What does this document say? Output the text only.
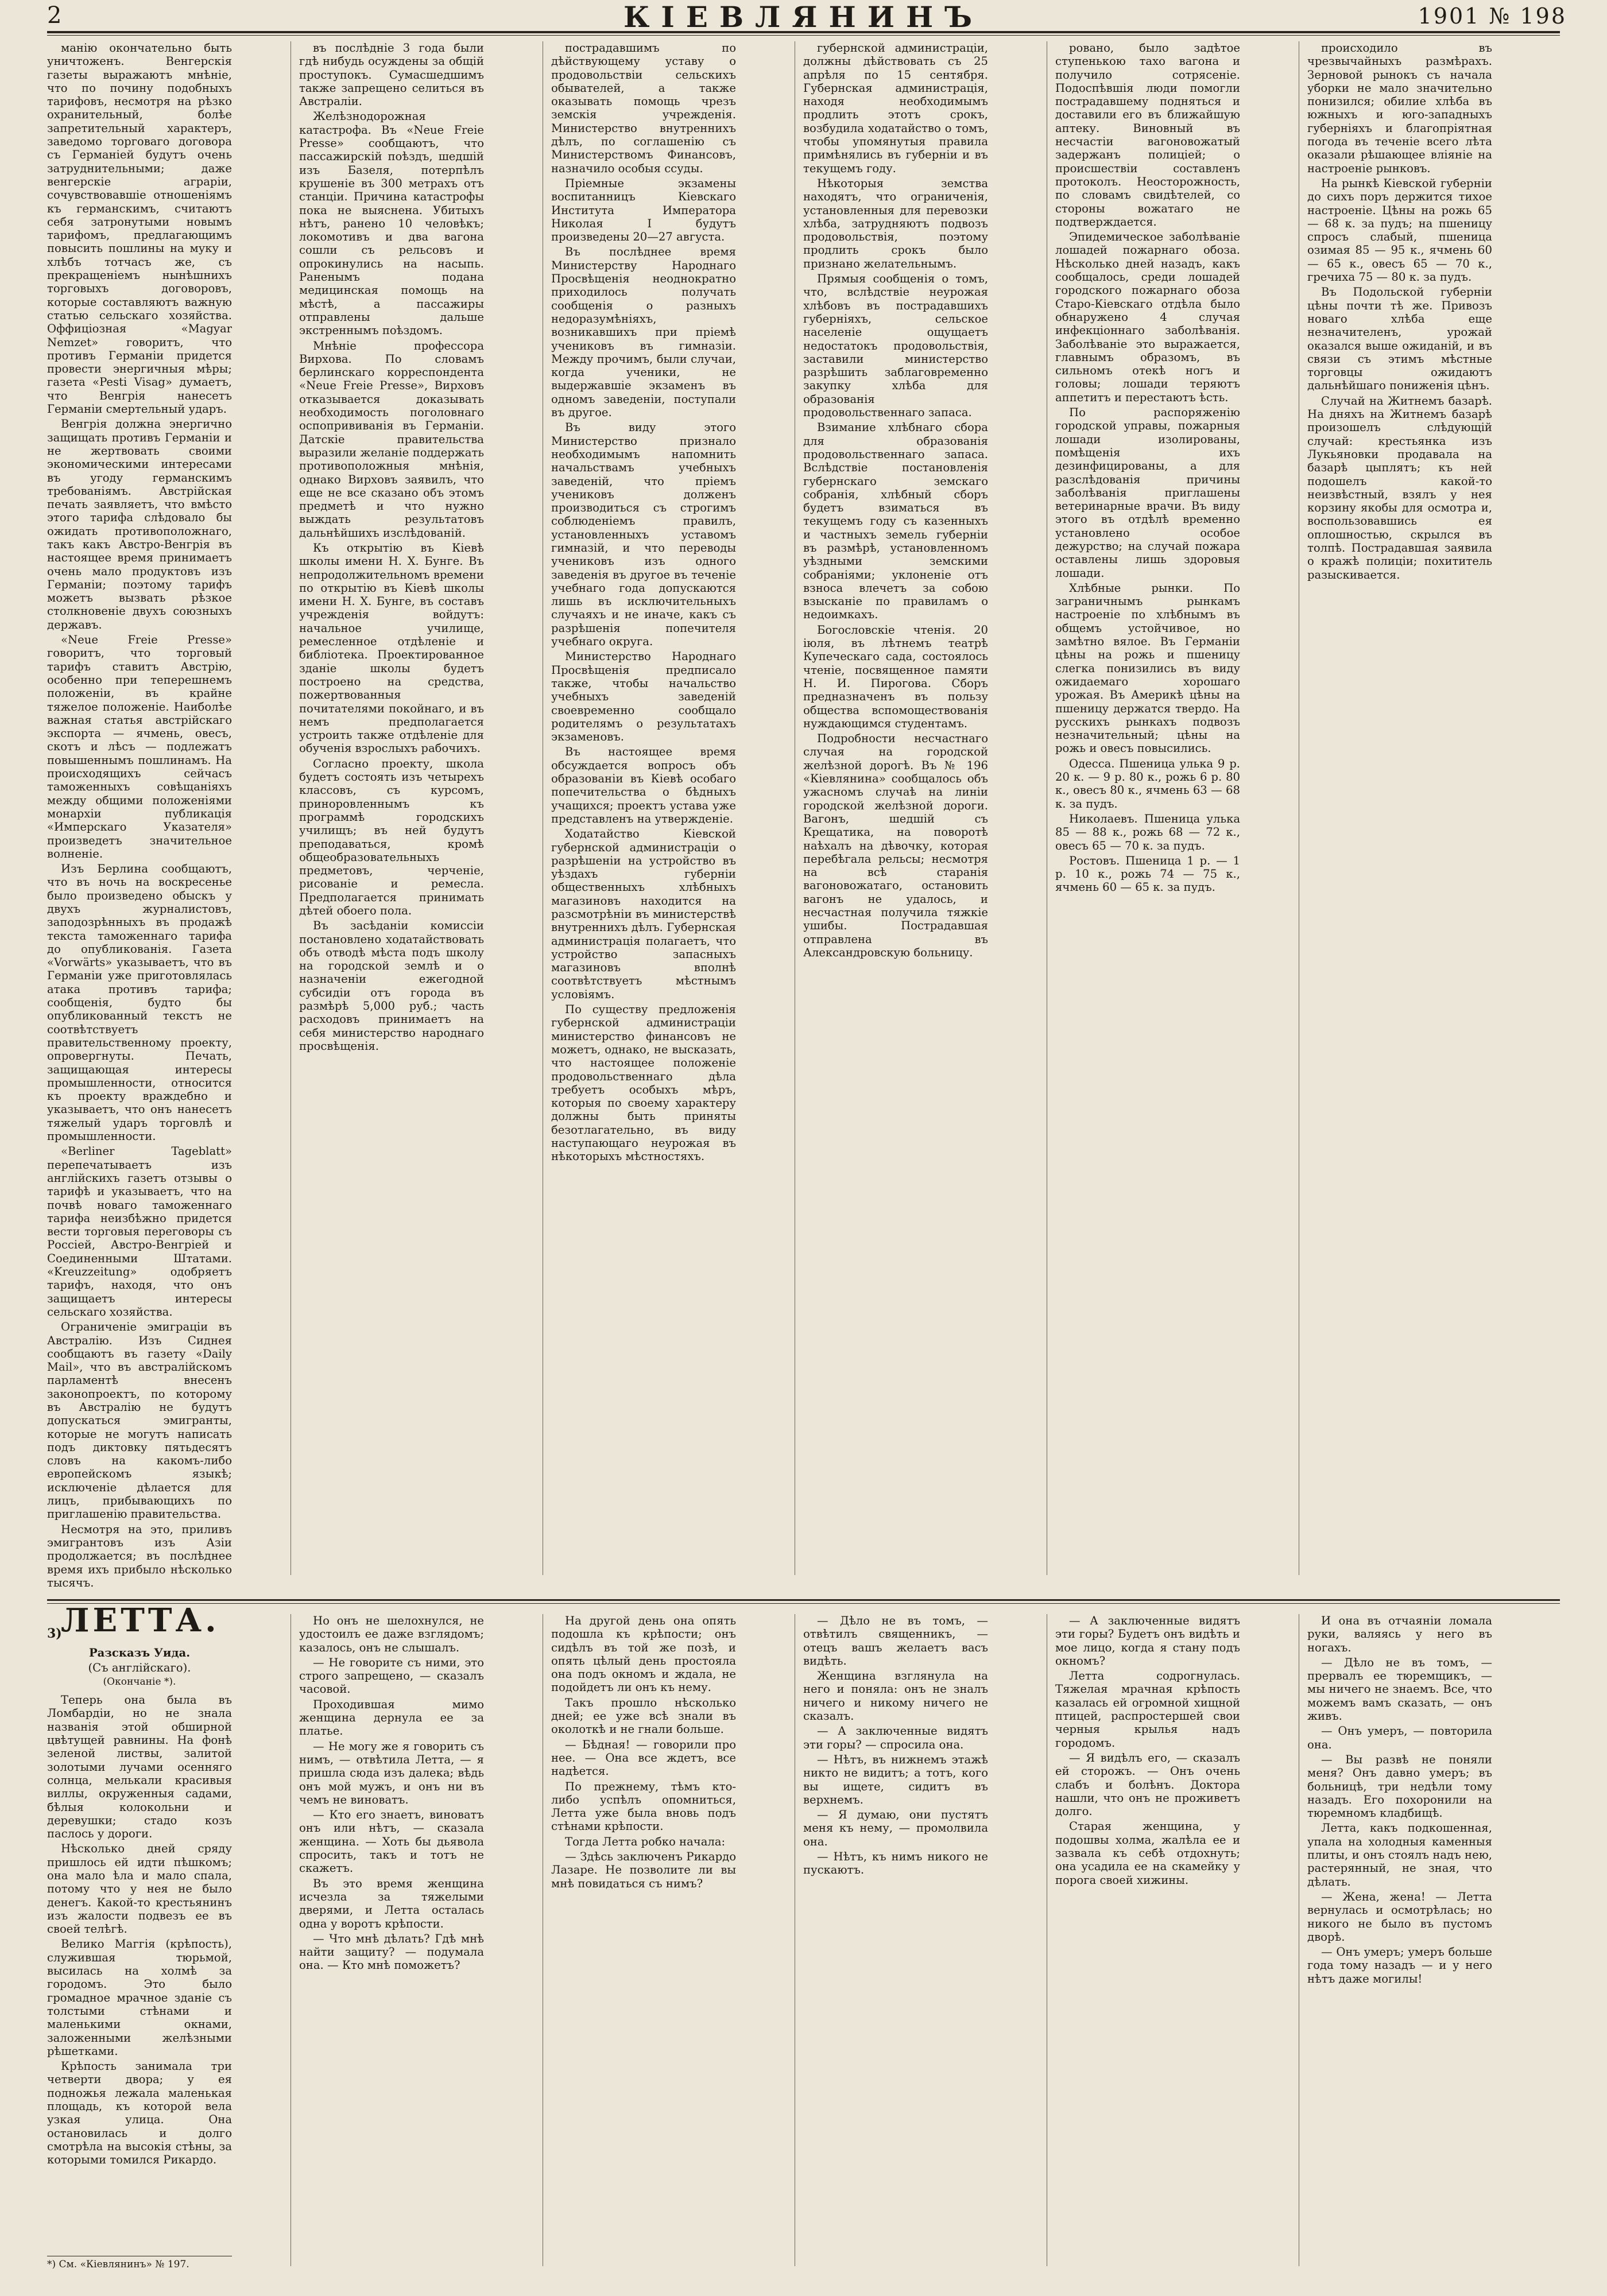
2	КІЕВЛЯНИНЪ	1901 № 198

манію окончательно быть уничтоженъ. Венгерскія газеты выражаютъ мнѣніе, что по почину подобныхъ тарифовъ, несмотря на рѣзко охранительный, болѣе запретительный характеръ, заведомо торговаго договора съ Германіей будутъ очень затруднительными; даже венгерскіе аграріи, сочувствовавшіе отношеніямъ къ германскимъ, считаютъ себя затронутыми новымъ тарифомъ, предлагающимъ повысить пошлины на муку и хлѣбъ тотчасъ же, съ прекращеніемъ нынѣшнихъ торговыхъ договоровъ, которые составляютъ важную статью сельскаго хозяйства. Оффиціозная «Magyar Nemzet» говоритъ, что противъ Германіи придется провести энергичныя мѣры; газета «Pesti Visag» думаетъ, что Венгрія нанесетъ Германіи смертельный ударъ.

Венгрія должна энергично защищать противъ Германіи и не жертвовать своими экономическими интересами въ угоду германскимъ требованіямъ. Австрійская печать заявляетъ, что вмѣсто этого тарифа слѣдовало бы ожидать противоположнаго, такъ какъ Австро-Венгрія въ настоящее время принимаетъ очень мало продуктовъ изъ Германіи; поэтому тарифъ можетъ вызвать рѣзкое столкновеніе двухъ союзныхъ державъ.

«Neue Freie Presse» говоритъ, что торговый тарифъ ставитъ Австрію, особенно при теперешнемъ положеніи, въ крайне тяжелое положеніе. Наиболѣе важная статья австрійскаго экспорта — ячмень, овесъ, скотъ и лѣсъ — подлежатъ повышеннымъ пошлинамъ. На происходящихъ сейчасъ таможенныхъ совѣщаніяхъ между общими положеніями монархіи публикація «Имперскаго Указателя» произведетъ значительное волненіе.

Изъ Берлина сообщаютъ, что въ ночь на воскресенье было произведено обыскъ у двухъ журналистовъ, заподозрѣнныхъ въ продажѣ текста таможеннаго тарифа до опубликованія. Газета «Vorwärts» указываетъ, что въ Германіи уже приготовлялась атака противъ тарифа; сообщенія, будто бы опубликованный текстъ не соотвѣтствуетъ правительственному проекту, опровергнуты. Печать, защищающая интересы промышленности, относится къ проекту враждебно и указываетъ, что онъ нанесетъ тяжелый ударъ торговлѣ и промышленности.

«Berliner Tageblatt» перепечатываетъ изъ англійскихъ газетъ отзывы о тарифѣ и указываетъ, что на почвѣ новаго таможеннаго тарифа неизбѣжно придется вести торговыя переговоры съ Россіей, Австро-Венгріей и Соединенными Штатами. «Kreuzzeitung» одобряетъ тарифъ, находя, что онъ защищаетъ интересы сельскаго хозяйства.

Ограниченіе эмиграціи въ Австралію. Изъ Сиднея сообщаютъ въ газету «Daily Mail», что въ австралійскомъ парламентѣ внесенъ законопроектъ, по которому въ Австралію не будутъ допускаться эмигранты, которые не могутъ написать подъ диктовку пятьдесятъ словъ на какомъ-либо европейскомъ языкѣ; исключеніе дѣлается для лицъ, прибывающихъ по приглашенію правительства.

Несмотря на это, приливъ эмигрантовъ изъ Азіи продолжается; въ послѣднее время ихъ прибыло нѣсколько тысячъ.

въ послѣдніе 3 года были гдѣ нибудь осуждены за общій проступокъ. Сумасшедшимъ также запрещено селиться въ Австраліи.

Желѣзнодорожная катастрофа. Въ «Neue Freie Presse» сообщаютъ, что пассажирскій поѣздъ, шедшій изъ Базеля, потерпѣлъ крушеніе въ 300 метрахъ отъ станціи. Причина катастрофы пока не выяснена. Убитыхъ нѣтъ, ранено 10 человѣкъ; локомотивъ и два вагона сошли съ рельсовъ и опрокинулись на насыпь. Раненымъ подана медицинская помощь на мѣстѣ, а пассажиры отправлены дальше экстреннымъ поѣздомъ.

Мнѣніе профессора Вирхова. По словамъ берлинскаго корреспондента «Neue Freie Presse», Вирховъ отказывается доказывать необходимость поголовнаго оспопрививанія въ Германіи. Датскіе правительства выразили желаніе поддержать противоположныя мнѣнія, однако Вирховъ заявилъ, что еще не все сказано объ этомъ предметѣ и что нужно выждать результатовъ дальнѣйшихъ изслѣдованій.

Къ открытію въ Кіевѣ школы имени Н. Х. Бунге. Въ непродолжительномъ времени по открытію въ Кіевѣ школы имени Н. Х. Бунге, въ составъ учрежденія войдутъ: начальное училище, ремесленное отдѣленіе и библіотека. Проектированное зданіе школы будетъ построено на средства, пожертвованныя почитателями покойнаго, и въ немъ предполагается устроить также отдѣленіе для обученія взрослыхъ рабочихъ.

Согласно проекту, школа будетъ состоять изъ четырехъ классовъ, съ курсомъ, приноровленнымъ къ программѣ городскихъ училищъ; въ ней будутъ преподаваться, кромѣ общеобразовательныхъ предметовъ, черченіе, рисованіе и ремесла. Предполагается принимать дѣтей обоего пола.

Въ засѣданіи комиссіи постановлено ходатайствовать объ отводѣ мѣста подъ школу на городской землѣ и о назначеніи ежегодной субсидіи отъ города въ размѣрѣ 5,000 руб.; часть расходовъ принимаетъ на себя министерство народнаго просвѣщенія.

пострадавшимъ по дѣйствующему уставу о продовольствіи сельскихъ обывателей, а также оказывать помощь чрезъ земскія учрежденія. Министерство внутреннихъ дѣлъ, по соглашенію съ Министерствомъ Финансовъ, назначило особыя ссуды.

Пріемные экзамены воспитанницъ Кіевскаго Института Императора Николая I будутъ произведены 20—27 августа.

Въ послѣднее время Министерству Народнаго Просвѣщенія неоднократно приходилось получать сообщенія о разныхъ недоразумѣніяхъ, возникавшихъ при пріемѣ учениковъ въ гимназіи. Между прочимъ, были случаи, когда ученики, не выдержавшіе экзаменъ въ одномъ заведеніи, поступали въ другое.

Въ виду этого Министерство признало необходимымъ напомнить начальствамъ учебныхъ заведеній, что пріемъ учениковъ долженъ производиться съ строгимъ соблюденіемъ правилъ, установленныхъ уставомъ гимназій, и что переводы учениковъ изъ одного заведенія въ другое въ теченіе учебнаго года допускаются лишь въ исключительныхъ случаяхъ и не иначе, какъ съ разрѣшенія попечителя учебнаго округа.

Министерство Народнаго Просвѣщенія предписало также, чтобы начальство учебныхъ заведеній своевременно сообщало родителямъ о результатахъ экзаменовъ.

Въ настоящее время обсуждается вопросъ объ образованіи въ Кіевѣ особаго попечительства о бѣдныхъ учащихся; проектъ устава уже представленъ на утвержденіе.

Ходатайство Кіевской губернской администраціи о разрѣшеніи на устройство въ уѣздахъ губерніи общественныхъ хлѣбныхъ магазиновъ находится на разсмотрѣніи въ министерствѣ внутреннихъ дѣлъ. Губернская администрація полагаетъ, что устройство запасныхъ магазиновъ вполнѣ соотвѣтствуетъ мѣстнымъ условіямъ.

По существу предложенія губернской администраціи министерство финансовъ не можетъ, однако, не высказать, что настоящее положеніе продовольственнаго дѣла требуетъ особыхъ мѣръ, которыя по своему характеру должны быть приняты безотлагательно, въ виду наступающаго неурожая въ нѣкоторыхъ мѣстностяхъ.

губернской администраціи, должны дѣйствовать съ 25 апрѣля по 15 сентября. Губернская администрація, находя необходимымъ продлить этотъ срокъ, возбудила ходатайство о томъ, чтобы упомянутыя правила примѣнялись въ губерніи и въ текущемъ году.

Нѣкоторыя земства находятъ, что ограниченія, установленныя для перевозки хлѣба, затрудняютъ подвозъ продовольствія, поэтому продлить срокъ было признано желательнымъ.

Прямыя сообщенія о томъ, что, вслѣдствіе неурожая хлѣбовъ въ пострадавшихъ губерніяхъ, сельское населеніе ощущаетъ недостатокъ продовольствія, заставили министерство разрѣшить заблаговременно закупку хлѣба для образованія продовольственнаго запаса.

Взимание хлѣбнаго сбора для образованія продовольственнаго запаса. Вслѣдствіе постановленія губернскаго земскаго собранія, хлѣбный сборъ будетъ взиматься въ текущемъ году съ казенныхъ и частныхъ земель губерніи въ размѣрѣ, установленномъ уѣздными земскими собраніями; уклоненіе отъ взноса влечетъ за собою взысканіе по правиламъ о недоимкахъ.

Богословскіе чтенія. 20 іюля, въ лѣтнемъ театрѣ Купеческаго сада, состоялось чтеніе, посвященное памяти Н. И. Пирогова. Сборъ предназначенъ въ пользу общества вспомоществованія нуждающимся студентамъ.

Подробности несчастнаго случая на городской желѣзной дорогѣ. Въ № 196 «Кіевлянина» сообщалось объ ужасномъ случаѣ на линіи городской желѣзной дороги. Вагонъ, шедшій съ Крещатика, на поворотѣ наѣхалъ на дѣвочку, которая перебѣгала рельсы; несмотря на всѣ старанія вагоновожатаго, остановить вагонъ не удалось, и несчастная получила тяжкіе ушибы. Пострадавшая отправлена въ Александровскую больницу.

ровано, было задѣтое ступенькою тахо вагона и получило сотрясеніе. Подоспѣвшія люди помогли пострадавшему подняться и доставили его въ ближайшую аптеку. Виновный въ несчастіи вагоновожатый задержанъ полиціей; о происшествіи составленъ протоколъ. Неосторожность, по словамъ свидѣтелей, со стороны вожатаго не подтверждается.

Эпидемическое заболѣваніе лошадей пожарнаго обоза. Нѣсколько дней назадъ, какъ сообщалось, среди лошадей городского пожарнаго обоза Старо-Кіевскаго отдѣла было обнаружено 4 случая инфекціоннаго заболѣванія. Заболѣваніе это выражается, главнымъ образомъ, въ сильномъ отекѣ ногъ и головы; лошади теряютъ аппетитъ и перестаютъ ѣсть.

По распоряженію городской управы, пожарныя лошади изолированы, помѣщенія ихъ дезинфицированы, а для разслѣдованія причины заболѣванія приглашены ветеринарные врачи. Въ виду этого въ отдѣлѣ временно установлено особое дежурство; на случай пожара оставлены лишь здоровыя лошади.

Хлѣбные рынки. По заграничнымъ рынкамъ настроеніе по хлѣбнымъ въ общемъ устойчивое, но замѣтно вялое. Въ Германіи цѣны на рожь и пшеницу слегка понизились въ виду ожидаемаго хорошаго урожая. Въ Америкѣ цѣны на пшеницу держатся твердо. На русскихъ рынкахъ подвозъ незначительный; цѣны на рожь и овесъ повысились.

Одесса. Пшеница улька 9 р. 20 к. — 9 р. 80 к., рожь 6 р. 80 к., овесъ 80 к., ячмень 63 — 68 к. за пудъ.

Николаевъ. Пшеница улька 85 — 88 к., рожь 68 — 72 к., овесъ 65 — 70 к. за пудъ.

Ростовъ. Пшеница 1 р. — 1 р. 10 к., рожь 74 — 75 к., ячмень 60 — 65 к. за пудъ.

происходило въ чрезвычайныхъ размѣрахъ. Зерновой рынокъ съ начала уборки не мало значительно понизился; обилие хлѣба въ южныхъ и юго-западныхъ губерніяхъ и благопріятная погода въ теченіе всего лѣта оказали рѣшающее вліяніе на настроеніе рынковъ.

На рынкѣ Кіевской губерніи до сихъ поръ держится тихое настроеніе. Цѣны на рожь 65 — 68 к. за пудъ; на пшеницу спросъ слабый, пшеница озимая 85 — 95 к., ячмень 60 — 65 к., овесъ 65 — 70 к., гречиха 75 — 80 к. за пудъ.

Въ Подольской губерніи цѣны почти тѣ же. Привозъ новаго хлѣба еще незначителенъ, урожай оказался выше ожиданій, и въ связи съ этимъ мѣстные торговцы ожидаютъ дальнѣйшаго пониженія цѣнъ.

Случай на Житнемъ базарѣ. На дняхъ на Житнемъ базарѣ произошелъ слѣдующій случай: крестьянка изъ Лукьяновки продавала на базарѣ цыплятъ; къ ней подошелъ какой-то неизвѣстный, взялъ у нея корзину якобы для осмотра и, воспользовавшись ея оплошностью, скрылся въ толпѣ. Пострадавшая заявила о кражѣ полиціи; похититель разыскивается.

ЛЕТТА. $^{3)}$

Разсказъ Уида.

(Съ англійскаго).

(Окончаніе *).

Теперь она была въ Ломбардіи, но не знала названія этой обширной цвѣтущей равнины. На фонѣ зеленой листвы, залитой золотыми лучами осенняго солнца, мелькали красивыя виллы, окруженныя садами, бѣлыя колокольни и деревушки; стадо козъ паслось у дороги.

Нѣсколько дней сряду пришлось ей идти пѣшкомъ; она мало ѣла и мало спала, потому что у нея не было денегъ. Какой-то крестьянинъ изъ жалости подвезъ ее въ своей телѣгѣ.

Велико Маггія (крѣпость), служившая тюрьмой, высилась на холмѣ за городомъ. Это было громадное мрачное зданіе съ толстыми стѣнами и маленькими окнами, заложенными желѣзными рѣшетками.

Крѣпость занимала три четверти двора; у ея подножья лежала маленькая площадь, къ которой вела узкая улица. Она остановилась и долго смотрѣла на высокія стѣны, за которыми томился Рикардо.

Но онъ не шелохнулся, не удостоилъ ее даже взглядомъ; казалось, онъ не слышалъ.

— Не говорите съ ними, это строго запрещено, — сказалъ часовой.

Проходившая мимо женщина дернула ее за платье.

— Не могу же я говорить съ нимъ, — отвѣтила Летта, — я пришла сюда изъ далека; вѣдь онъ мой мужъ, и онъ ни въ чемъ не виноватъ.

— Кто его знаетъ, виноватъ онъ или нѣтъ, — сказала женщина. — Хоть бы дьявола спросить, такъ и тотъ не скажетъ.

Въ это время женщина исчезла за тяжелыми дверями, и Летта осталась одна у воротъ крѣпости.

— Что мнѣ дѣлать? Гдѣ мнѣ найти защиту? — подумала она. — Кто мнѣ поможетъ?

На другой день она опять подошла къ крѣпости; онъ сидѣлъ въ той же позѣ, и опять цѣлый день простояла она подъ окномъ и ждала, не подойдетъ ли онъ къ нему.

Такъ прошло нѣсколько дней; ее уже всѣ знали въ околоткѣ и не гнали больше.

— Бѣдная! — говорили про нее. — Она все ждетъ, все надѣется.

По прежнему, тѣмъ кто-либо успѣлъ опомниться, Летта уже была вновь подъ стѣнами крѣпости.

Тогда Летта робко начала:

— Здѣсь заключенъ Рикардо Лазаре. Не позволите ли вы мнѣ повидаться съ нимъ?

— Дѣло не въ томъ, — отвѣтилъ священникъ, — отецъ вашъ желаетъ васъ видѣть.

Женщина взглянула на него и поняла: онъ не зналъ ничего и никому ничего не сказалъ.

— А заключенные видятъ эти горы? — спросила она.

— Нѣтъ, въ нижнемъ этажѣ никто не видитъ; а тотъ, кого вы ищете, сидитъ въ верхнемъ.

— Я думаю, они пустятъ меня къ нему, — промолвила она.

— Нѣтъ, къ нимъ никого не пускаютъ.

— А заключенные видятъ эти горы? Будетъ онъ видѣть и мое лицо, когда я стану подъ окномъ?

Летта содрогнулась. Тяжелая мрачная крѣпость казалась ей огромной хищной птицей, распростершей свои черныя крылья надъ городомъ.

— Я видѣлъ его, — сказалъ ей сторожъ. — Онъ очень слабъ и болѣнъ. Доктора нашли, что онъ не проживетъ долго.

Старая женщина, у подошвы холма, жалѣла ее и зазвала къ себѣ отдохнуть; она усадила ее на скамейку у порога своей хижины.

И она въ отчаяніи ломала руки, валяясь у него въ ногахъ.

— Дѣло не въ томъ, — прервалъ ее тюремщикъ, — мы ничего не знаемъ. Все, что можемъ вамъ сказать, — онъ живъ.

— Онъ умеръ, — повторила она.

— Вы развѣ не поняли меня? Онъ давно умеръ; въ больницѣ, три недѣли тому назадъ. Его похоронили на тюремномъ кладбищѣ.

Летта, какъ подкошенная, упала на холодныя каменныя плиты, и онъ стоялъ надъ нею, растерянный, не зная, что дѣлать.

— Жена, жена! — Летта вернулась и осмотрѣлась; но никого не было въ пустомъ дворѣ.

— Онъ умеръ; умеръ больше года тому назадъ — и у него нѣтъ даже могилы!

*) См. «Кіевлянинъ» № 197.
